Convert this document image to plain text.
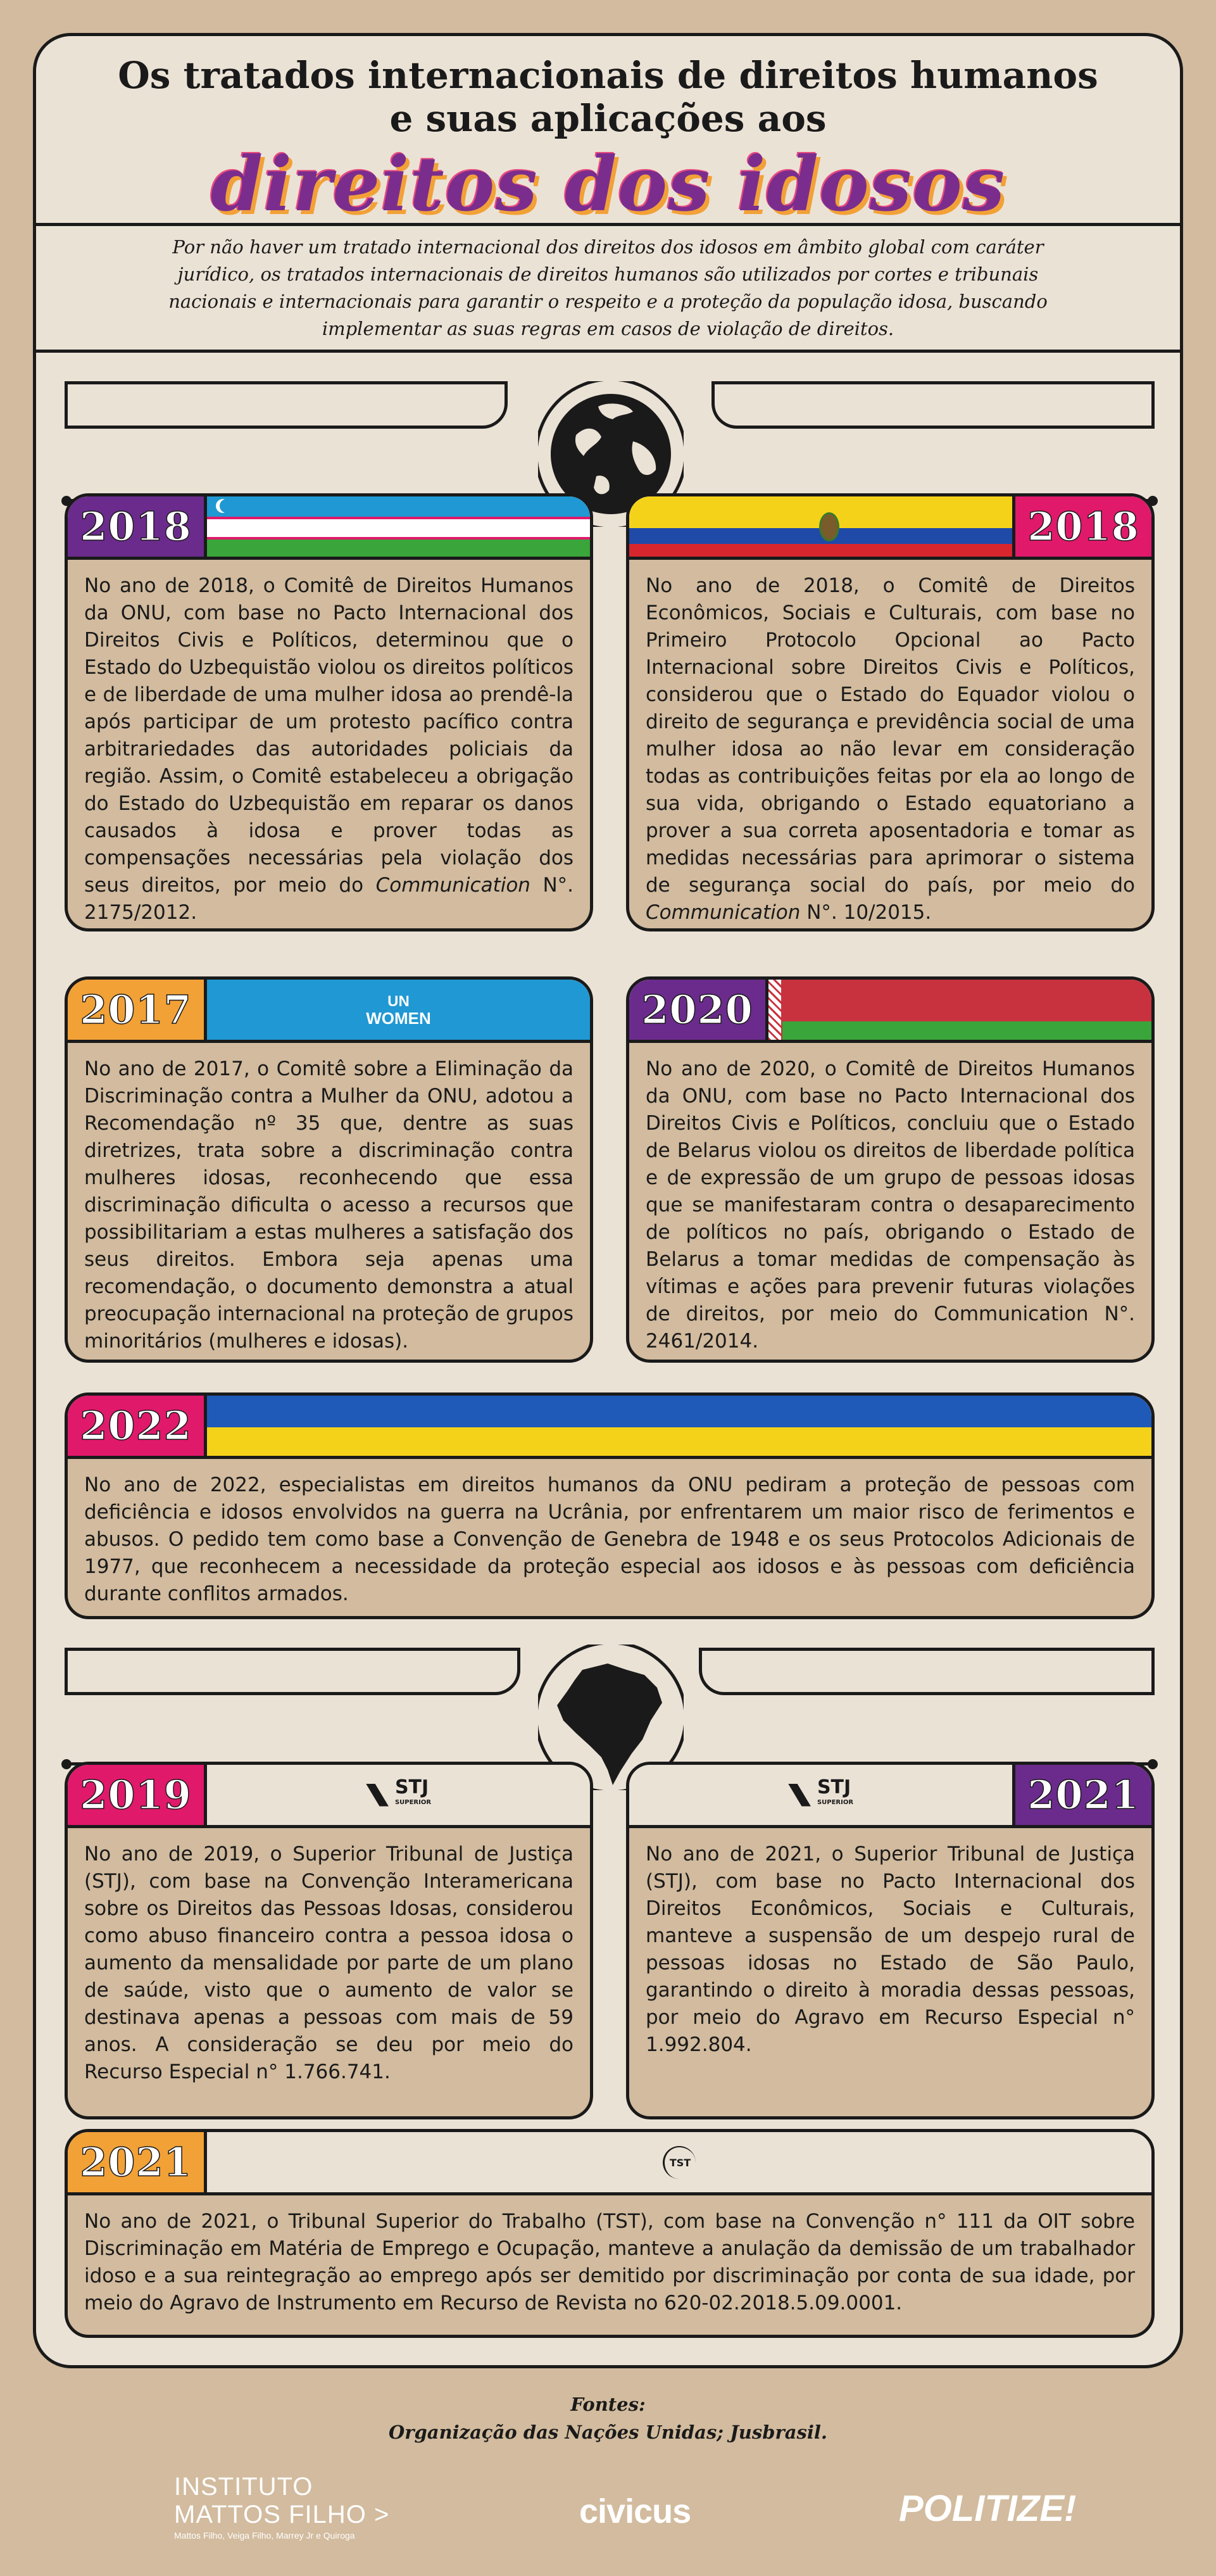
Os tratados internacionais de direitos humanos
e suas aplicações aos
direitos dos idosos
Por não haver um tratado internacional dos direitos dos idosos em âmbito global com caráter jurídico, os tratados internacionais de direitos humanos são utilizados por cortes e tribunais nacionais e internacionais para garantir o respeito e a proteção da população idosa, buscando implementar as suas regras em casos de violação de direitos.
2018
No ano de 2018, o Comitê de Direitos Humanos da ONU, com base no Pacto Internacional dos Direitos Civis e Políticos, determinou que o Estado do Uzbequistão violou os direitos políticos e de liberdade de uma mulher idosa ao prendê-la após participar de um protesto pacífico contra arbitrariedades das autoridades policiais da região. Assim, o Comitê estabeleceu a obrigação do Estado do Uzbequistão em reparar os danos causados à idosa e prover todas as compensações necessárias pela violação dos seus direitos, por meio do Communication N°. 2175/2012.
2018
No ano de 2018, o Comitê de Direitos Econômicos, Sociais e Culturais, com base no Primeiro Protocolo Opcional ao Pacto Internacional sobre Direitos Civis e Políticos, considerou que o Estado do Equador violou o direito de segurança e previdência social de uma mulher idosa ao não levar em consideração todas as contribuições feitas por ela ao longo de sua vida, obrigando o Estado equatoriano a prover a sua correta aposentadoria e tomar as medidas necessárias para aprimorar o sistema de segurança social do país, por meio do Communication N°. 10/2015.
2017	UN
WOMEN
No ano de 2017, o Comitê sobre a Eliminação da Discriminação contra a Mulher da ONU, adotou a Recomendação nº 35 que, dentre as suas diretrizes, trata sobre a discriminação contra mulheres idosas, reconhecendo que essa discriminação dificulta o acesso a recursos que possibilitariam a estas mulheres a satisfação dos seus direitos. Embora seja apenas uma recomendação, o documento demonstra a atual preocupação internacional na proteção de grupos minoritários (mulheres e idosas).
2020
No ano de 2020, o Comitê de Direitos Humanos da ONU, com base no Pacto Internacional dos Direitos Civis e Políticos, concluiu que o Estado de Belarus violou os direitos de liberdade política e de expressão de um grupo de pessoas idosas que se manifestaram contra o desaparecimento de políticos no país, obrigando o Estado de Belarus a tomar medidas de compensação às vítimas e ações para prevenir futuras violações de direitos, por meio do Communication N°. 2461/2014.
2022
No ano de 2022, especialistas em direitos humanos da ONU pediram a proteção de pessoas com deficiência e idosos envolvidos na guerra na Ucrânia, por enfrentarem um maior risco de ferimentos e abusos. O pedido tem como base a Convenção de Genebra de 1948 e os seus Protocolos Adicionais de 1977, que reconhecem a necessidade da proteção especial aos idosos e às pessoas com deficiência durante conflitos armados.
2019	STJ
SUPERIOR
No ano de 2019, o Superior Tribunal de Justiça (STJ), com base na Convenção Interamericana sobre os Direitos das Pessoas Idosas, considerou como abuso financeiro contra a pessoa idosa o aumento da mensalidade por parte de um plano de saúde, visto que o aumento de valor se destinava apenas a pessoas com mais de 59 anos. A consideração se deu por meio do Recurso Especial n° 1.766.741.
STJ
SUPERIOR	2021
No ano de 2021, o Superior Tribunal de Justiça (STJ), com base no Pacto Internacional dos Direitos Econômicos, Sociais e Culturais, manteve a suspensão de um despejo rural de pessoas idosas no Estado de São Paulo, garantindo o direito à moradia dessas pessoas, por meio do Agravo em Recurso Especial n° 1.992.804.
2021	TST
No ano de 2021, o Tribunal Superior do Trabalho (TST), com base na Convenção n° 111 da OIT sobre Discriminação em Matéria de Emprego e Ocupação, manteve a anulação da demissão de um trabalhador idoso e a sua reintegração ao emprego após ser demitido por discriminação por conta de sua idade, por meio do Agravo de Instrumento em Recurso de Revista no 620-02.2018.5.09.0001.
Fontes:
Organização das Nações Unidas; Jusbrasil.
INSTITUTO
MATTOS FILHO >
Mattos Filho, Veiga Filho, Marrey Jr e Quiroga
civicus	POLITIZE!
